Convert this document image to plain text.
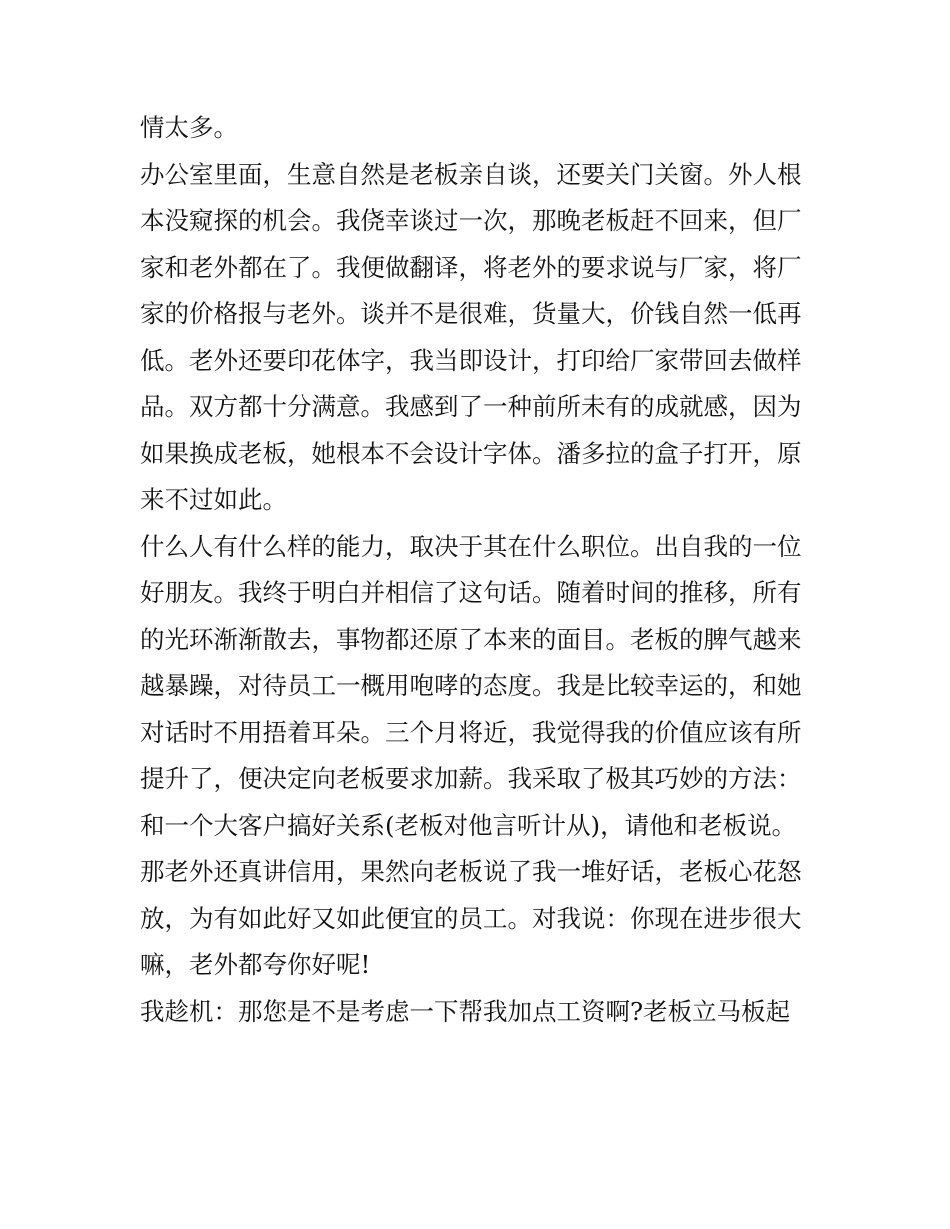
情太多。
办公室里面，生意自然是老板亲自谈，还要关门关窗。外人根
本没窥探的机会。我侥幸谈过一次，那晚老板赶不回来，但厂
家和老外都在了。我便做翻译，将老外的要求说与厂家，将厂
家的价格报与老外。谈并不是很难，货量大，价钱自然一低再
低。老外还要印花体字，我当即设计，打印给厂家带回去做样
品。双方都十分满意。我感到了一种前所未有的成就感，因为
如果换成老板，她根本不会设计字体。潘多拉的盒子打开，原
来不过如此。
什么人有什么样的能力，取决于其在什么职位。出自我的一位
好朋友。我终于明白并相信了这句话。随着时间的推移，所有
的光环渐渐散去，事物都还原了本来的面目。老板的脾气越来
越暴躁，对待员工一概用咆哮的态度。我是比较幸运的，和她
对话时不用捂着耳朵。三个月将近，我觉得我的价值应该有所
提升了，便决定向老板要求加薪。我采取了极其巧妙的方法：
和一个大客户搞好关系(老板对他言听计从)，请他和老板说。
那老外还真讲信用，果然向老板说了我一堆好话，老板心花怒
放，为有如此好又如此便宜的员工。对我说：你现在进步很大
嘛，老外都夸你好呢!
我趁机：那您是不是考虑一下帮我加点工资啊?老板立马板起
